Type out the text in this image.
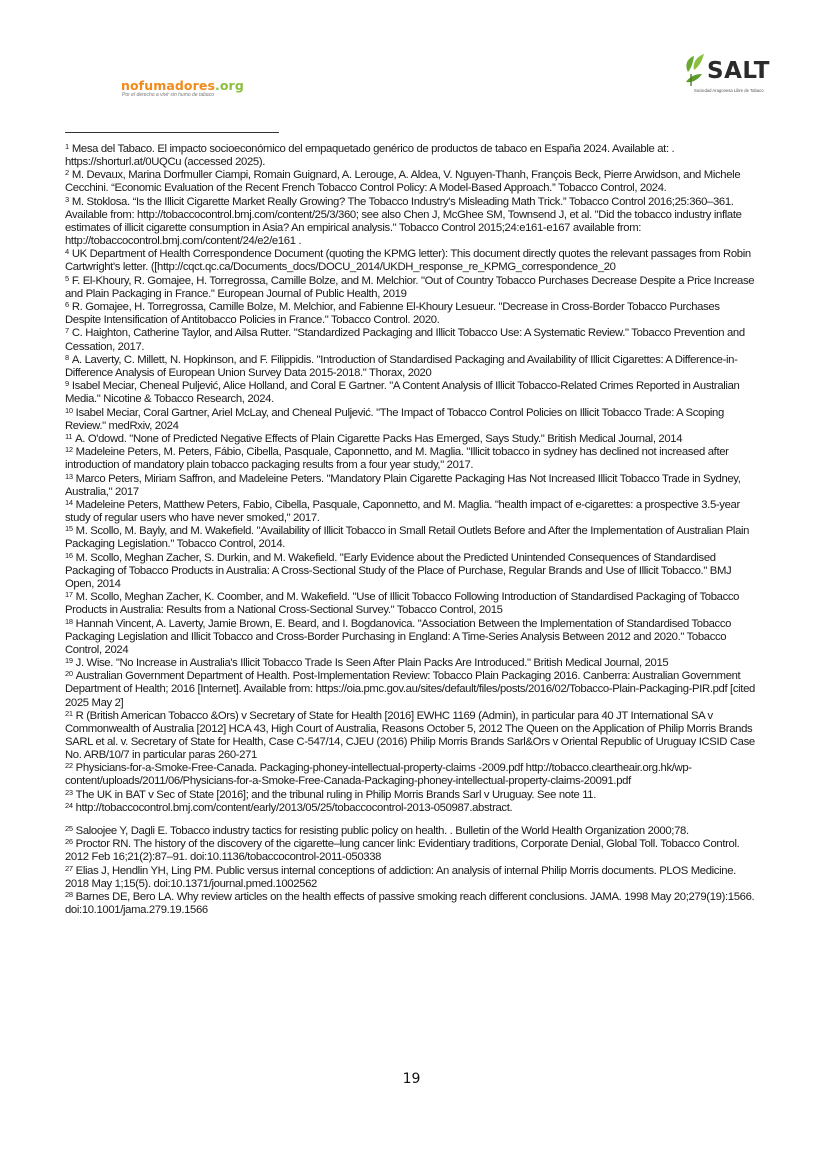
nofumadores.org
Por el derecho a vivir sin humo de tabaco
SALT
Sociedad Aragonesa Libre de Tabaco
$^1$ Mesa del Tabaco. El impacto socioeconómico del empaquetado genérico de productos de tabaco en España 2024. Available at: . https://shorturl.at/0UQCu (accessed 2025).
$^2$ M. Devaux, Marina Dorfmuller Ciampi, Romain Guignard, A. Lerouge, A. Aldea, V. Nguyen-Thanh, François Beck, Pierre Arwidson, and Michele Cecchini. “Economic Evaluation of the Recent French Tobacco Control Policy: A Model-Based Approach.” Tobacco Control, 2024.
$^3$ M. Stoklosa. “Is the Illicit Cigarette Market Really Growing? The Tobacco Industry's Misleading Math Trick.” Tobacco Control 2016;25:360–361. Available from: http://tobaccocontrol.bmj.com/content/25/3/360; see also Chen J, McGhee SM, Townsend J, et al. "Did the tobacco industry inflate estimates of illicit cigarette consumption in Asia? An empirical analysis." Tobacco Control 2015;24:e161-e167 available from: http://tobaccocontrol.bmj.com/content/24/e2/e161 .
$^4$ UK Department of Health Correspondence Document (quoting the KPMG letter): This document directly quotes the relevant passages from Robin Cartwright's letter. ([http://cqct.qc.ca/Documents_docs/DOCU_2014/UKDH_response_re_KPMG_correspondence_20
$^5$ F. El-Khoury, R. Gomajee, H. Torregrossa, Camille Bolze, and M. Melchior. "Out of Country Tobacco Purchases Decrease Despite a Price Increase and Plain Packaging in France." European Journal of Public Health, 2019
$^6$ R. Gomajee, H. Torregrossa, Camille Bolze, M. Melchior, and Fabienne El-Khoury Lesueur. "Decrease in Cross-Border Tobacco Purchases Despite Intensification of Antitobacco Policies in France." Tobacco Control. 2020.
$^7$ C. Haighton, Catherine Taylor, and Ailsa Rutter. "Standardized Packaging and Illicit Tobacco Use: A Systematic Review." Tobacco Prevention and Cessation, 2017.
$^8$ A. Laverty, C. Millett, N. Hopkinson, and F. Filippidis. "Introduction of Standardised Packaging and Availability of Illicit Cigarettes: A Difference-in-Difference Analysis of European Union Survey Data 2015-2018." Thorax, 2020
$^9$ Isabel Meciar, Cheneal Puljević, Alice Holland, and Coral E Gartner. "A Content Analysis of Illicit Tobacco-Related Crimes Reported in Australian Media." Nicotine & Tobacco Research, 2024.
$^{10}$ Isabel Meciar, Coral Gartner, Ariel McLay, and Cheneal Puljević. "The Impact of Tobacco Control Policies on Illicit Tobacco Trade: A Scoping Review." medRxiv, 2024
$^{11}$ A. O'dowd. "None of Predicted Negative Effects of Plain Cigarette Packs Has Emerged, Says Study." British Medical Journal, 2014
$^{12}$ Madeleine Peters, M. Peters, Fábio, Cibella, Pasquale, Caponnetto, and M. Maglia. "Illicit tobacco in sydney has declined not increased after introduction of mandatory plain tobacco packaging results from a four year study," 2017.
$^{13}$ Marco Peters, Miriam Saffron, and Madeleine Peters. "Mandatory Plain Cigarette Packaging Has Not Increased Illicit Tobacco Trade in Sydney, Australia," 2017
$^{14}$ Madeleine Peters, Matthew Peters, Fabio, Cibella, Pasquale, Caponnetto, and M. Maglia. "health impact of e-cigarettes: a prospective 3.5-year study of regular users who have never smoked," 2017.
$^{15}$ M. Scollo, M. Bayly, and M. Wakefield. "Availability of Illicit Tobacco in Small Retail Outlets Before and After the Implementation of Australian Plain Packaging Legislation." Tobacco Control, 2014.
$^{16}$ M. Scollo, Meghan Zacher, S. Durkin, and M. Wakefield. "Early Evidence about the Predicted Unintended Consequences of Standardised Packaging of Tobacco Products in Australia: A Cross-Sectional Study of the Place of Purchase, Regular Brands and Use of Illicit Tobacco." BMJ Open, 2014
$^{17}$ M. Scollo, Meghan Zacher, K. Coomber, and M. Wakefield. "Use of Illicit Tobacco Following Introduction of Standardised Packaging of Tobacco Products in Australia: Results from a National Cross-Sectional Survey." Tobacco Control, 2015
$^{18}$ Hannah Vincent, A. Laverty, Jamie Brown, E. Beard, and I. Bogdanovica. "Association Between the Implementation of Standardised Tobacco Packaging Legislation and Illicit Tobacco and Cross-Border Purchasing in England: A Time-Series Analysis Between 2012 and 2020." Tobacco Control, 2024
$^{19}$ J. Wise. "No Increase in Australia's Illicit Tobacco Trade Is Seen After Plain Packs Are Introduced." British Medical Journal, 2015
$^{20}$ Australian Government Department of Health. Post-Implementation Review: Tobacco Plain Packaging 2016. Canberra: Australian Government Department of Health; 2016 [Internet]. Available from: https://oia.pmc.gov.au/sites/default/files/posts/2016/02/Tobacco-Plain-Packaging-PIR.pdf [cited 2025 May 2]
$^{21}$ R (British American Tobacco &Ors) v Secretary of State for Health [2016] EWHC 1169 (Admin), in particular para 40 JT International SA v Commonwealth of Australia [2012] HCA 43, High Court of Australia, Reasons October 5, 2012 The Queen on the Application of Philip Morris Brands SARL et al. v. Secretary of State for Health, Case C-547/14, CJEU (2016) Philip Morris Brands Sarl&Ors v Oriental Republic of Uruguay ICSID Case No. ARB/10/7 in particular paras 260-271
$^{22}$ Physicians-for-a-Smoke-Free-Canada. Packaging-phoney-intellectual-property-claims -2009.pdf http://tobacco.cleartheair.org.hk/wp-content/uploads/2011/06/Physicians-for-a-Smoke-Free-Canada-Packaging-phoney-intellectual-property-claims-20091.pdf
$^{23}$ The UK in BAT v Sec of State [2016]; and the tribunal ruling in Philip Morris Brands Sarl v Uruguay. See note 11.
$^{24}$ http://tobaccocontrol.bmj.com/content/early/2013/05/25/tobaccocontrol-2013-050987.abstract.
$^{25}$ Saloojee Y, Dagli E. Tobacco industry tactics for resisting public policy on health. . Bulletin of the World Health Organization 2000;78.
$^{26}$ Proctor RN. The history of the discovery of the cigarette–lung cancer link: Evidentiary traditions, Corporate Denial, Global Toll. Tobacco Control. 2012 Feb 16;21(2):87–91. doi:10.1136/tobaccocontrol-2011-050338
$^{27}$ Elias J, Hendlin YH, Ling PM. Public versus internal conceptions of addiction: An analysis of internal Philip Morris documents. PLOS Medicine. 2018 May 1;15(5). doi:10.1371/journal.pmed.1002562
$^{28}$ Barnes DE, Bero LA. Why review articles on the health effects of passive smoking reach different conclusions. JAMA. 1998 May 20;279(19):1566. doi:10.1001/jama.279.19.1566
19
